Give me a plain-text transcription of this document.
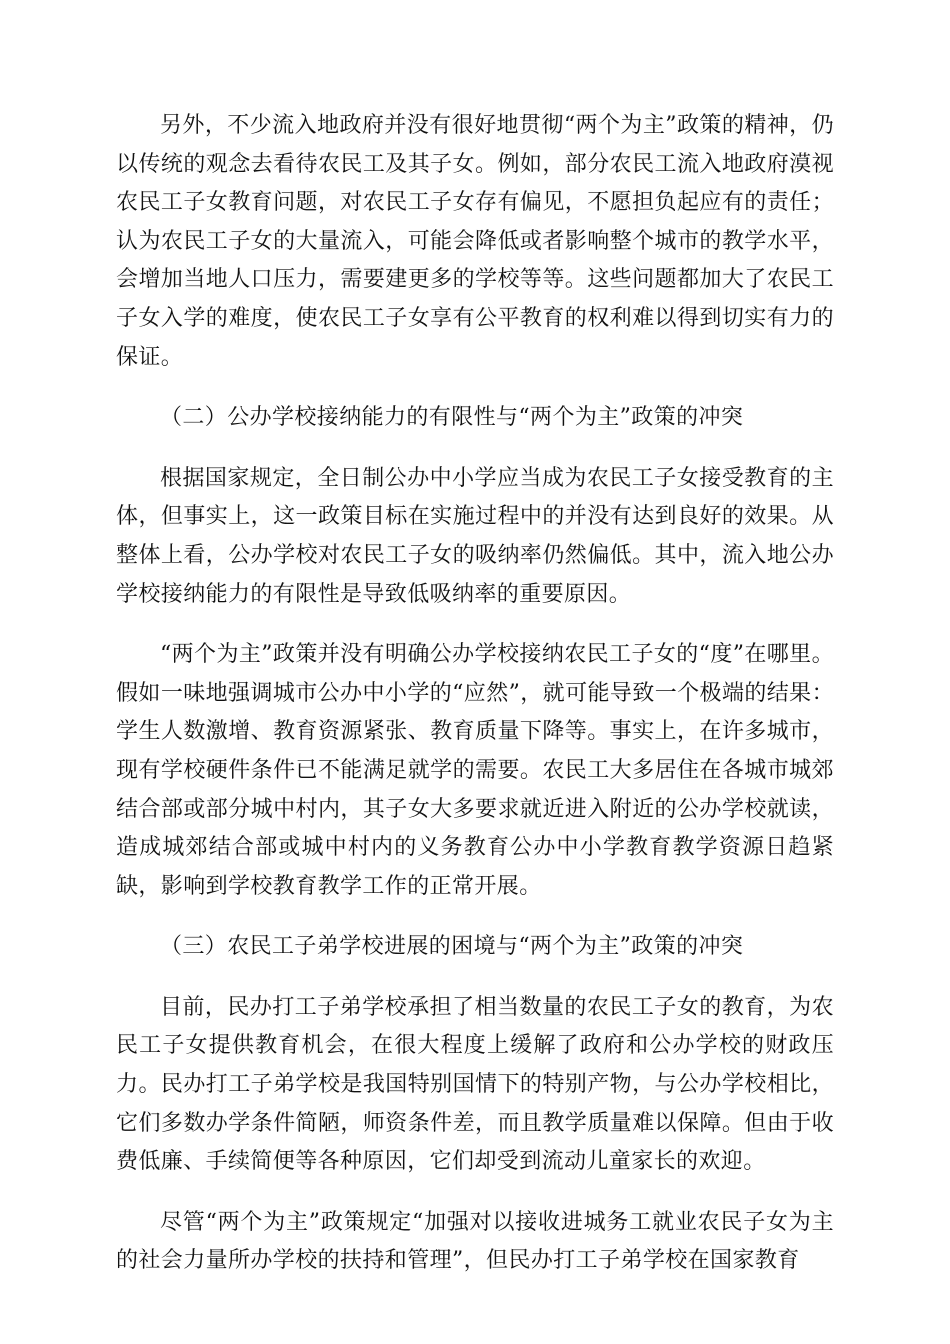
另外，不少流入地政府并没有很好地贯彻“两个为主”政策的精神，仍以传统的观念去看待农民工及其子女。例如，部分农民工流入地政府漠视农民工子女教育问题，对农民工子女存有偏见，不愿担负起应有的责任；认为农民工子女的大量流入，可能会降低或者影响整个城市的教学水平，会增加当地人口压力，需要建更多的学校等等。这些问题都加大了农民工子女入学的难度，使农民工子女享有公平教育的权利难以得到切实有力的保证。

（二）公办学校接纳能力的有限性与“两个为主”政策的冲突

根据国家规定，全日制公办中小学应当成为农民工子女接受教育的主体，但事实上，这一政策目标在实施过程中的并没有达到良好的效果。从整体上看，公办学校对农民工子女的吸纳率仍然偏低。其中，流入地公办学校接纳能力的有限性是导致低吸纳率的重要原因。

“两个为主”政策并没有明确公办学校接纳农民工子女的“度”在哪里。假如一味地强调城市公办中小学的“应然”，就可能导致一个极端的结果：学生人数激增、教育资源紧张、教育质量下降等。事实上，在许多城市，现有学校硬件条件已不能满足就学的需要。农民工大多居住在各城市城郊结合部或部分城中村内，其子女大多要求就近进入附近的公办学校就读，造成城郊结合部或城中村内的义务教育公办中小学教育教学资源日趋紧缺，影响到学校教育教学工作的正常开展。

（三）农民工子弟学校进展的困境与“两个为主”政策的冲突

目前，民办打工子弟学校承担了相当数量的农民工子女的教育，为农民工子女提供教育机会，在很大程度上缓解了政府和公办学校的财政压力。民办打工子弟学校是我国特别国情下的特别产物，与公办学校相比，它们多数办学条件简陋，师资条件差，而且教学质量难以保障。但由于收费低廉、手续简便等各种原因，它们却受到流动儿童家长的欢迎。

尽管“两个为主”政策规定“加强对以接收进城务工就业农民子女为主的社会力量所办学校的扶持和管理”，但民办打工子弟学校在国家教育
